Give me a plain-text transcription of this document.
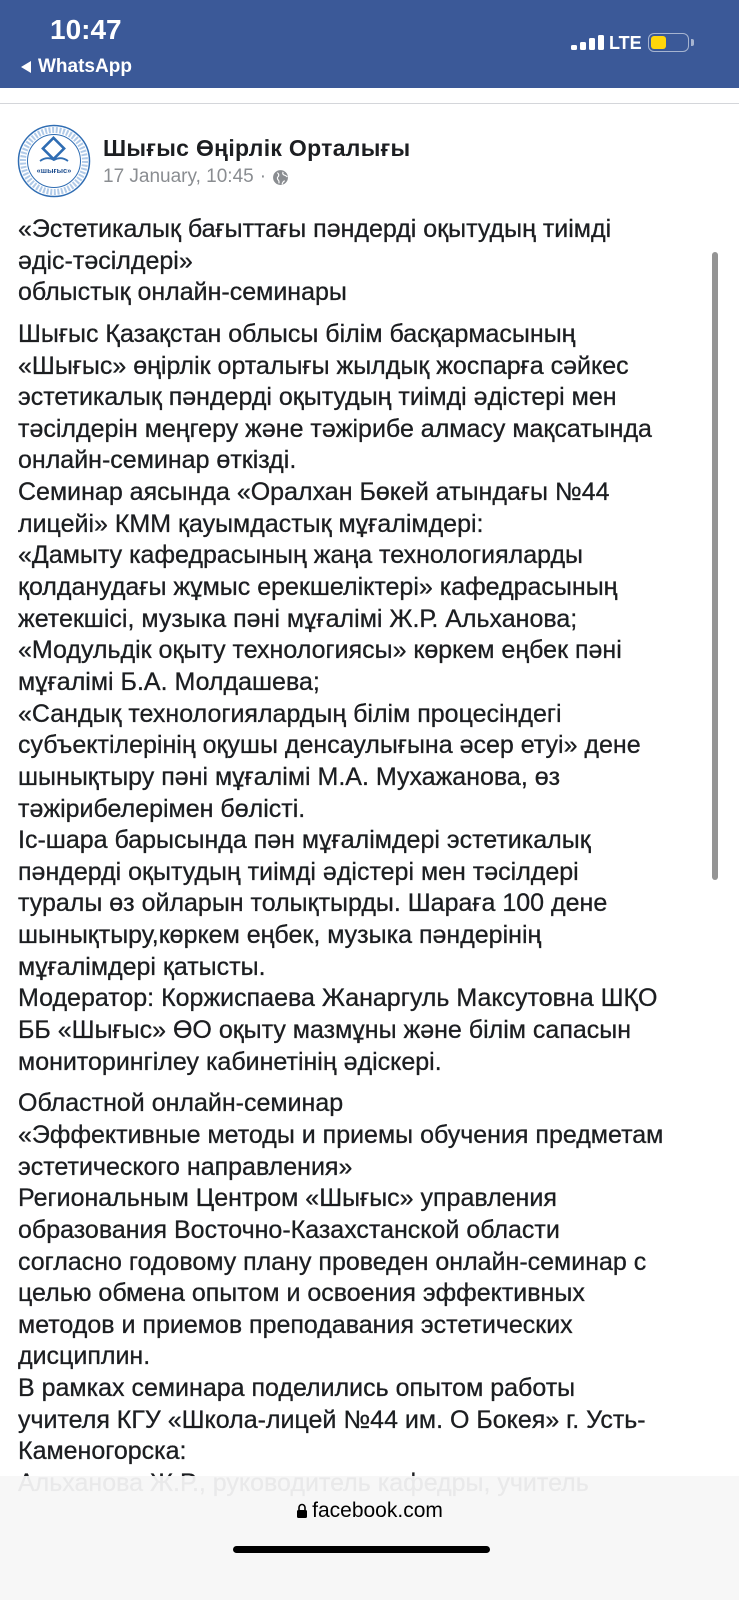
10:47
WhatsApp
LTE
«шығыс»
Шығыс Өңірлік Орталығы
17 January, 10:45 ·
«Эстетикалық бағыттағы пәндерді оқытудың тиімді
әдіс-тәсілдері»
облыстық онлайн-семинары
Шығыс Қазақстан облысы білім басқармасының
«Шығыс» өңірлік орталығы жылдық жоспарға сәйкес
эстетикалық пәндерді оқытудың тиімді әдістері мен
тәсілдерін меңгеру және тәжірибе алмасу мақсатында
онлайн-семинар өткізді.
Семинар аясында «Оралхан Бөкей атындағы №44
лицейі» КММ қауымдастық мұғалімдері:
«Дамыту кафедрасының жаңа технологияларды
қолданудағы жұмыс ерекшеліктері» кафедрасының
жетекшісі, музыка пәні мұғалімі Ж.Р. Альханова;
«Модульдік оқыту технологиясы» көркем еңбек пәні
мұғалімі Б.А. Молдашева;
«Сандық технологиялардың білім процесіндегі
субъектілерінің оқушы денсаулығына әсер етуі» дене
шынықтыру пәні мұғалімі М.А. Мухажанова, өз
тәжірибелерімен бөлісті.
Іс-шара барысында пән мұғалімдері эстетикалық
пәндерді оқытудың тиімді әдістері мен тәсілдері
туралы өз ойларын толықтырды. Шараға 100 дене
шынықтыру,көркем еңбек, музыка пәндерінің
мұғалімдері қатысты.
Модератор: Коржиспаева Жанаргуль Максутовна ШҚО
ББ «Шығыс» ӨО оқыту мазмұны және білім сапасын
мониторингілеу кабинетінің әдіскері.
Областной онлайн-семинар
«Эффективные методы и приемы обучения предметам
эстетического направления»
Региональным Центром «Шығыс» управления
образования Восточно-Казахстанской области
согласно годовому плану проведен онлайн-семинар с
целью обмена опытом и освоения эффективных
методов и приемов преподавания эстетических
дисциплин.
В рамках семинара поделились опытом работы
учителя КГУ «Школа-лицей №44 им. О Бокея» г. Усть-
Каменогорска:
facebook.com
